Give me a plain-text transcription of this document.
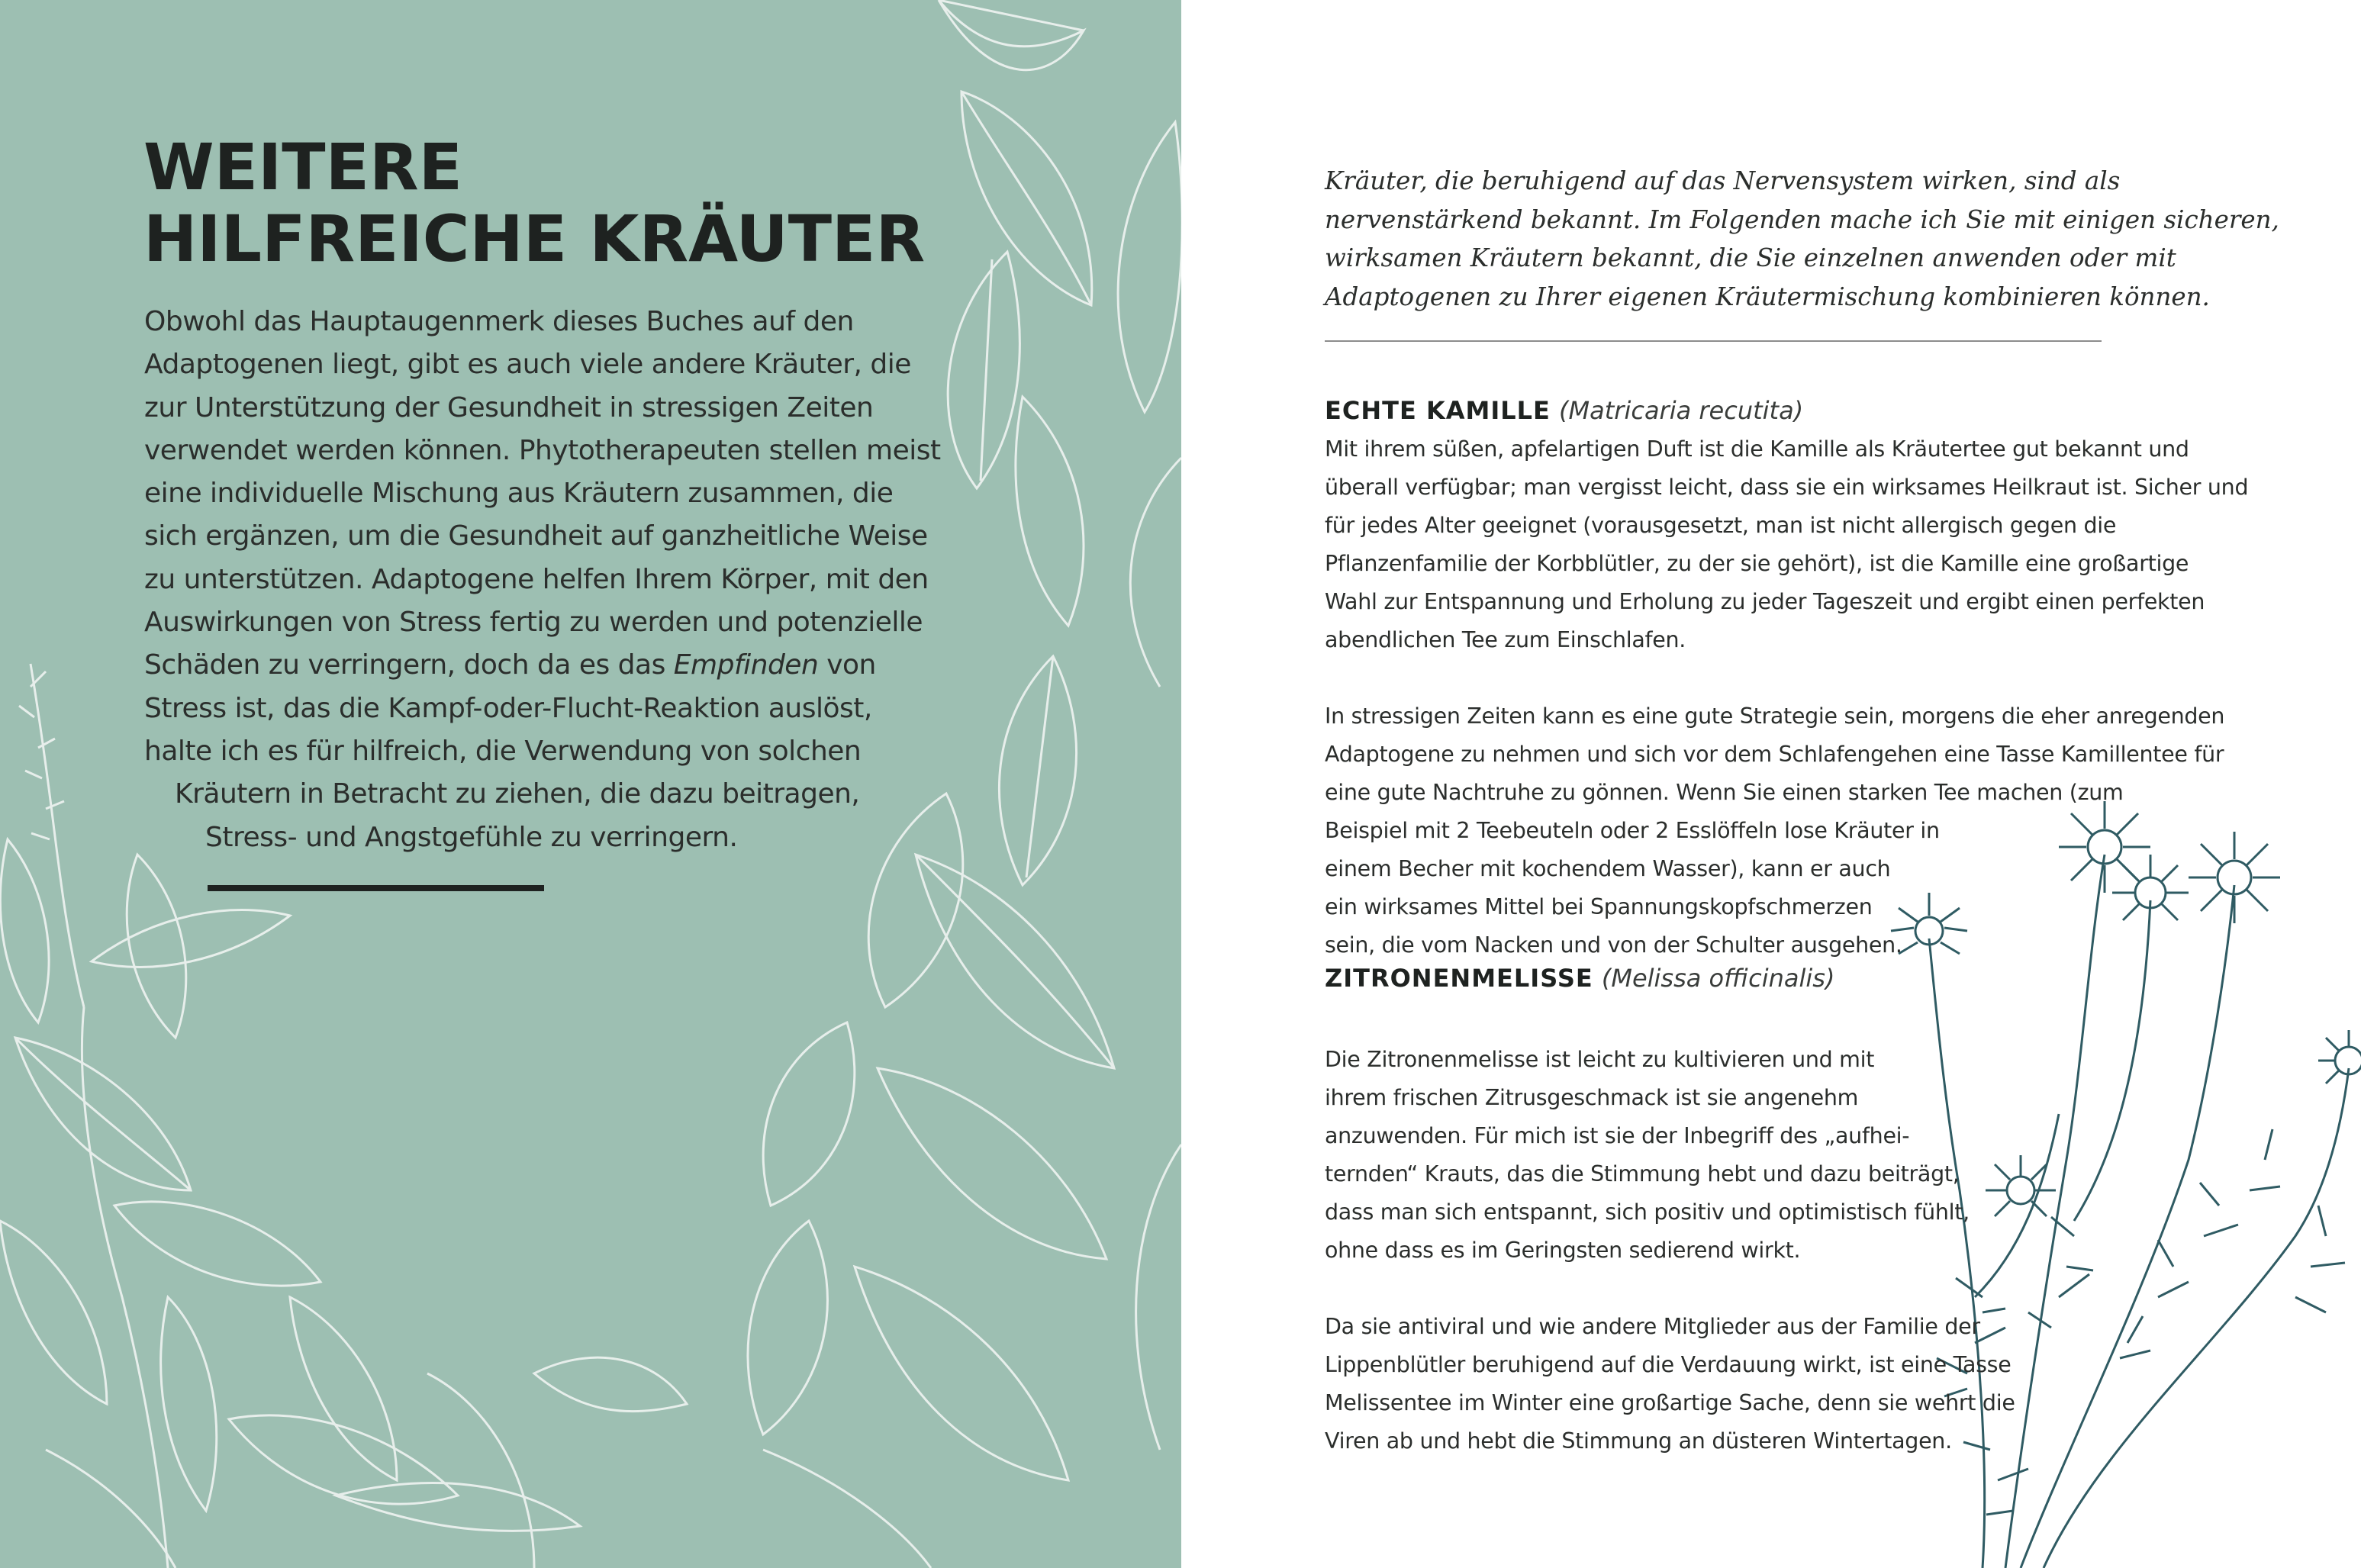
WEITERE
HILFREICHE KRÄUTER

Obwohl das Hauptaugenmerk dieses Buches auf den
Adaptogenen liegt, gibt es auch viele andere Kräuter, die
zur Unterstützung der Gesundheit in stressigen Zeiten
verwendet werden können. Phytotherapeuten stellen meist
eine individuelle Mischung aus Kräutern zusammen, die
sich ergänzen, um die Gesundheit auf ganzheitliche Weise
zu unterstützen. Adaptogene helfen Ihrem Körper, mit den
Auswirkungen von Stress fertig zu werden und potenzielle
Schäden zu verringern, doch da es das Empfinden von
Stress ist, das die Kampf-oder-Flucht-Reaktion auslöst,
halte ich es für hilfreich, die Verwendung von solchen
Kräutern in Betracht zu ziehen, die dazu beitragen,
Stress- und Angstgefühle zu verringern.

Kräuter, die beruhigend auf das Nervensystem wirken, sind als
nervenstärkend bekannt. Im Folgenden mache ich Sie mit einigen sicheren,
wirksamen Kräutern bekannt, die Sie einzelnen anwenden oder mit
Adaptogenen zu Ihrer eigenen Kräutermischung kombinieren können.

ECHTE KAMILLE (Matricaria recutita)

Mit ihrem süßen, apfelartigen Duft ist die Kamille als Kräutertee gut bekannt und
überall verfügbar; man vergisst leicht, dass sie ein wirksames Heilkraut ist. Sicher und
für jedes Alter geeignet (vorausgesetzt, man ist nicht allergisch gegen die
Pflanzenfamilie der Korbblütler, zu der sie gehört), ist die Kamille eine großartige
Wahl zur Entspannung und Erholung zu jeder Tageszeit und ergibt einen perfekten
abendlichen Tee zum Einschlafen.

In stressigen Zeiten kann es eine gute Strategie sein, morgens die eher anregenden
Adaptogene zu nehmen und sich vor dem Schlafengehen eine Tasse Kamillentee für
eine gute Nachtruhe zu gönnen. Wenn Sie einen starken Tee machen (zum
Beispiel mit 2 Teebeuteln oder 2 Esslöffeln lose Kräuter in
einem Becher mit kochendem Wasser), kann er auch
ein wirksames Mittel bei Spannungskopfschmerzen
sein, die vom Nacken und von der Schulter ausgehen.

ZITRONENMELISSE (Melissa officinalis)

Die Zitronenmelisse ist leicht zu kultivieren und mit
ihrem frischen Zitrusgeschmack ist sie angenehm
anzuwenden. Für mich ist sie der Inbegriff des „aufhei-
ternden“ Krauts, das die Stimmung hebt und dazu beiträgt,
dass man sich entspannt, sich positiv und optimistisch fühlt,
ohne dass es im Geringsten sedierend wirkt.

Da sie antiviral und wie andere Mitglieder aus der Familie der
Lippenblütler beruhigend auf die Verdauung wirkt, ist eine Tasse
Melissentee im Winter eine großartige Sache, denn sie wehrt die
Viren ab und hebt die Stimmung an düsteren Wintertagen.
